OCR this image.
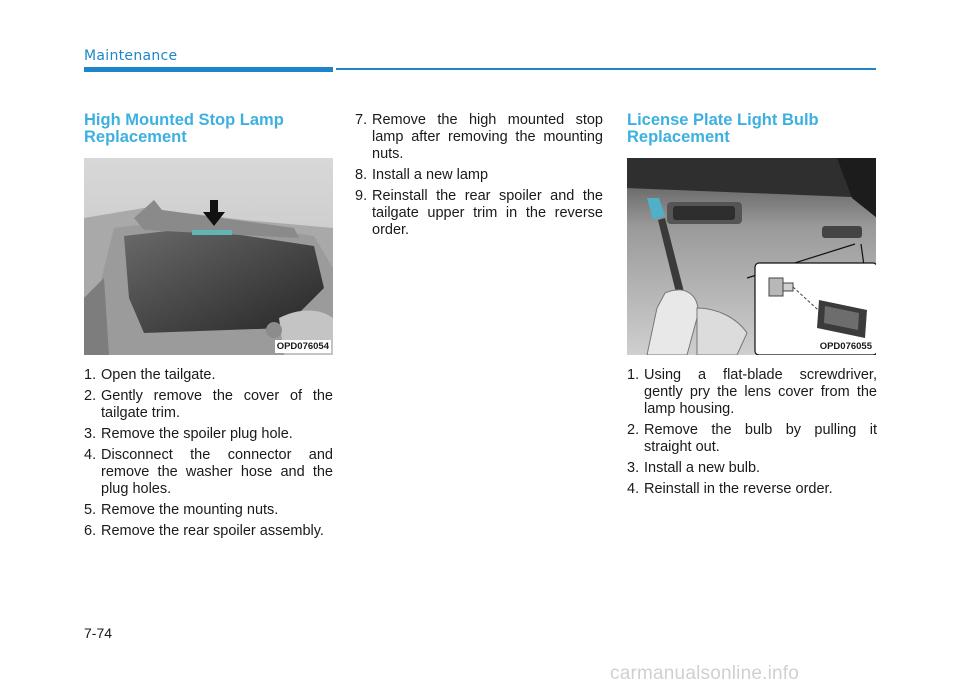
Maintenance
High Mounted Stop Lamp Replacement
OPD076054
1. Open the tailgate.
2. Gently remove the cover of the tailgate trim.
3. Remove the spoiler plug hole.
4. Disconnect the connector and remove the washer hose and the plug holes.
5. Remove the mounting nuts.
6. Remove the rear spoiler assembly.
7. Remove the high mounted stop lamp after removing the mounting nuts.
8. Install a new lamp
9. Reinstall the rear spoiler and the tailgate upper trim in the reverse order.
License Plate Light Bulb Replacement
OPD076055
1. Using a flat-blade screwdriver, gently pry the lens cover from the lamp housing.
2. Remove the bulb by pulling it straight out.
3. Install a new bulb.
4. Reinstall in the reverse order.
7-74
carmanualsonline.info
